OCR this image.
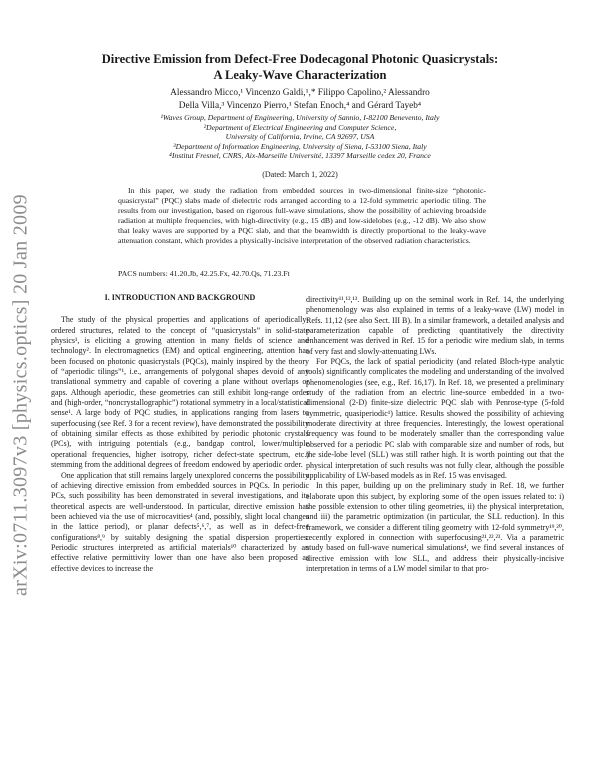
arXiv:0711.3097v3 [physics.optics] 20 Jan 2009
Directive Emission from Defect-Free Dodecagonal Photonic Quasicrystals:
A Leaky-Wave Characterization
Alessandro Micco,¹ Vincenzo Galdi,¹,* Filippo Capolino,² Alessandro
Della Villa,³ Vincenzo Pierro,¹ Stefan Enoch,⁴ and Gérard Tayeb⁴
¹Waves Group, Department of Engineering, University of Sannio, I-82100 Benevento, Italy
²Department of Electrical Engineering and Computer Science,
University of California, Irvine, CA 92697, USA
³Department of Information Engineering, University of Siena, I-53100 Siena, Italy
⁴Institut Fresnel, CNRS, Aix-Marseille Université, 13397 Marseille cedex 20, France
(Dated: March 1, 2022)

In this paper, we study the radiation from embedded sources in two-dimensional finite-size “photonic-quasicrystal” (PQC) slabs made of dielectric rods arranged according to a 12-fold symmetric aperiodic tiling. The results from our investigation, based on rigorous full-wave simulations, show the possibility of achieving broadside radiation at multiple frequencies, with high-directivity (e.g., 15 dB) and low-sidelobes (e.g., -12 dB). We also show that leaky waves are supported by a PQC slab, and that the beamwidth is directly proportional to the leaky-wave attenuation constant, which provides a physically-incisive interpretation of the observed radiation characteristics.

PACS numbers: 41.20.Jb, 42.25.Fx, 42.70.Qs, 71.23.Ft

I. INTRODUCTION AND BACKGROUND

The study of the physical properties and applications of aperiodically-ordered structures, related to the concept of “quasicrystals” in solid-state physics¹, is eliciting a growing attention in many fields of science and technology². In electromagnetics (EM) and optical engineering, attention has been focused on photonic quasicrystals (PQCs), mainly inspired by the theory of “aperiodic tilings”¹, i.e., arrangements of polygonal shapes devoid of any translational symmetry and capable of covering a plane without overlaps or gaps. Although aperiodic, these geometries can still exhibit long-range order and (high-order, “noncrystallographic”) rotational symmetry in a local/statistical sense¹. A large body of PQC studies, in applications ranging from lasers to superfocusing (see Ref. 3 for a recent review), have demonstrated the possibility of obtaining similar effects as those exhibited by periodic photonic crystals (PCs), with intriguing potentials (e.g., bandgap control, lower/multiple operational frequencies, higher isotropy, richer defect-state spectrum, etc.) stemming from the additional degrees of freedom endowed by aperiodic order.

One application that still remains largely unexplored concerns the possibility of achieving directive emission from embedded sources in PQCs. In periodic PCs, such possibility has been demonstrated in several investigations, and its theoretical aspects are well-understood. In particular, directive emission has been achieved via the use of microcavities⁴ (and, possibly, slight local changes in the lattice period), or planar defects⁵,⁶,⁷, as well as in defect-free configurations⁸,⁹ by suitably designing the spatial dispersion properties. Periodic structures interpreted as artificial materials¹⁰ characterized by an effective relative permittivity lower than one have also been proposed as effective devices to increase the

directivity¹¹,¹²,¹³. Building up on the seminal work in Ref. 14, the underlying phenomenology was also explained in terms of a leaky-wave (LW) model in Refs. 11,12 (see also Sect. III B). In a similar framework, a detailed analysis and parameterization capable of predicting quantitatively the directivity enhancement was derived in Ref. 15 for a periodic wire medium slab, in terms of very fast and slowly-attenuating LWs.

For PQCs, the lack of spatial periodicity (and related Bloch-type analytic tools) significantly complicates the modeling and understanding of the involved phenomenologies (see, e.g., Ref. 16,17). In Ref. 18, we presented a preliminary study of the radiation from an electric line-source embedded in a two-dimensional (2-D) finite-size dielectric PQC slab with Penrose-type (5-fold symmetric, quasiperiodic¹) lattice. Results showed the possibility of achieving moderate directivity at three frequencies. Interestingly, the lowest operational frequency was found to be moderately smaller than the corresponding value observed for a periodic PC slab with comparable size and number of rods, but the side-lobe level (SLL) was still rather high. It is worth pointing out that the physical interpretation of such results was not fully clear, although the possible applicability of LW-based models as in Ref. 15 was envisaged.

In this paper, building up on the preliminary study in Ref. 18, we further elaborate upon this subject, by exploring some of the open issues related to: i) the possible extension to other tiling geometries, ii) the physical interpretation, and iii) the parametric optimization (in particular, the SLL reduction). In this framework, we consider a different tiling geometry with 12-fold symmetry¹⁹,²⁰, recently explored in connection with superfocusing²¹,²²,²³. Via a parametric study based on full-wave numerical simulations⁴, we find several instances of directive emission with low SLL, and address their physically-incisive interpretation in terms of a LW model similar to that pro-
